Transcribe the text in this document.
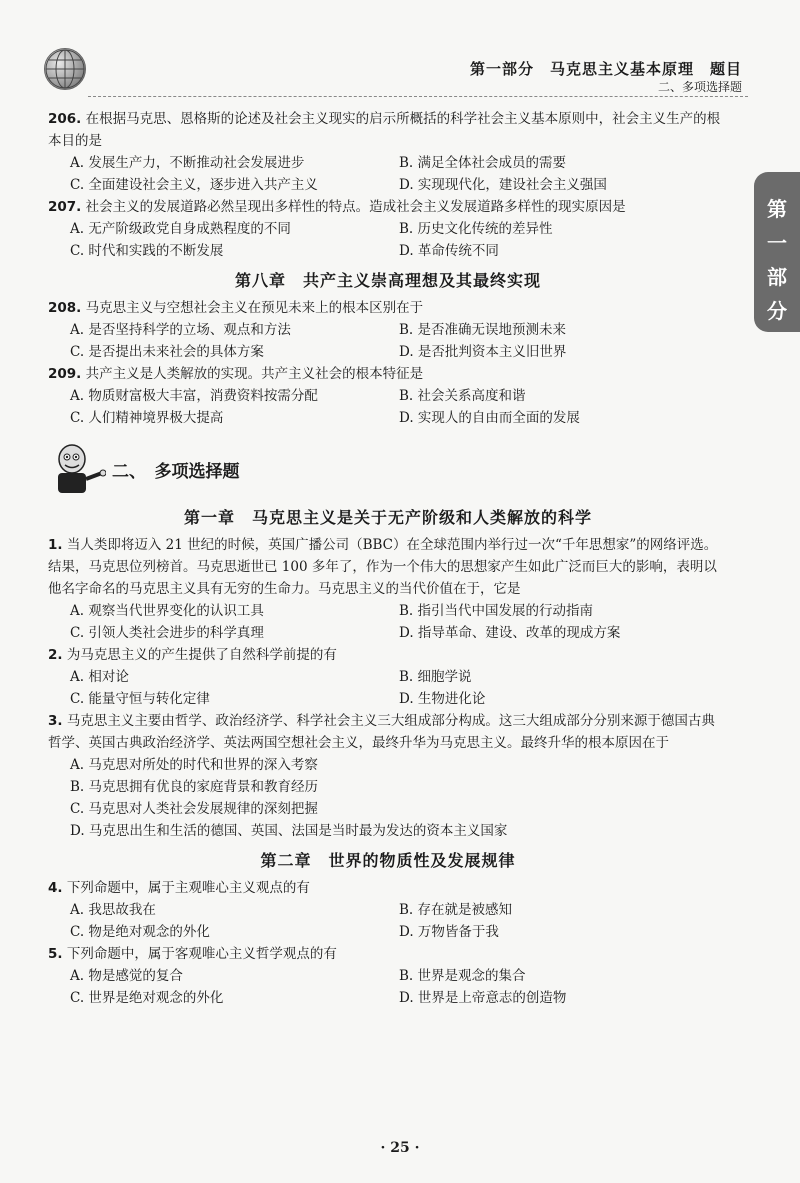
第一部分　马克思主义基本原理　题目
二、多项选择题
第一部分

206. 在根据马克思、恩格斯的论述及社会主义现实的启示所概括的科学社会主义基本原则中，社会主义生产的根本目的是

A. 发展生产力，不断推动社会发展进步	B. 满足全体社会成员的需要
C. 全面建设社会主义，逐步进入共产主义	D. 实现现代化，建设社会主义强国

207. 社会主义的发展道路必然呈现出多样性的特点。造成社会主义发展道路多样性的现实原因是

A. 无产阶级政党自身成熟程度的不同	B. 历史文化传统的差异性
C. 时代和实践的不断发展	D. 革命传统不同
第八章　共产主义崇高理想及其最终实现

208. 马克思主义与空想社会主义在预见未来上的根本区别在于

A. 是否坚持科学的立场、观点和方法	B. 是否准确无误地预测未来
C. 是否提出未来社会的具体方案	D. 是否批判资本主义旧世界

209. 共产主义是人类解放的实现。共产主义社会的根本特征是

A. 物质财富极大丰富，消费资料按需分配	B. 社会关系高度和谐
C. 人们精神境界极大提高	D. 实现人的自由而全面的发展
二、　多项选择题
第一章　马克思主义是关于无产阶级和人类解放的科学

1. 当人类即将迈入 21 世纪的时候，英国广播公司（BBC）在全球范围内举行过一次“千年思想家”的网络评选。结果，马克思位列榜首。马克思逝世已 100 多年了，作为一个伟大的思想家产生如此广泛而巨大的影响，表明以他名字命名的马克思主义具有无穷的生命力。马克思主义的当代价值在于，它是

A. 观察当代世界变化的认识工具	B. 指引当代中国发展的行动指南
C. 引领人类社会进步的科学真理	D. 指导革命、建设、改革的现成方案

2. 为马克思主义的产生提供了自然科学前提的有

A. 相对论	B. 细胞学说
C. 能量守恒与转化定律	D. 生物进化论

3. 马克思主义主要由哲学、政治经济学、科学社会主义三大组成部分构成。这三大组成部分分别来源于德国古典哲学、英国古典政治经济学、英法两国空想社会主义，最终升华为马克思主义。最终升华的根本原因在于

A. 马克思对所处的时代和世界的深入考察
B. 马克思拥有优良的家庭背景和教育经历
C. 马克思对人类社会发展规律的深刻把握
D. 马克思出生和生活的德国、英国、法国是当时最为发达的资本主义国家
第二章　世界的物质性及发展规律

4. 下列命题中，属于主观唯心主义观点的有

A. 我思故我在	B. 存在就是被感知
C. 物是绝对观念的外化	D. 万物皆备于我

5. 下列命题中，属于客观唯心主义哲学观点的有

A. 物是感觉的复合	B. 世界是观念的集合
C. 世界是绝对观念的外化	D. 世界是上帝意志的创造物
· 25 ·
